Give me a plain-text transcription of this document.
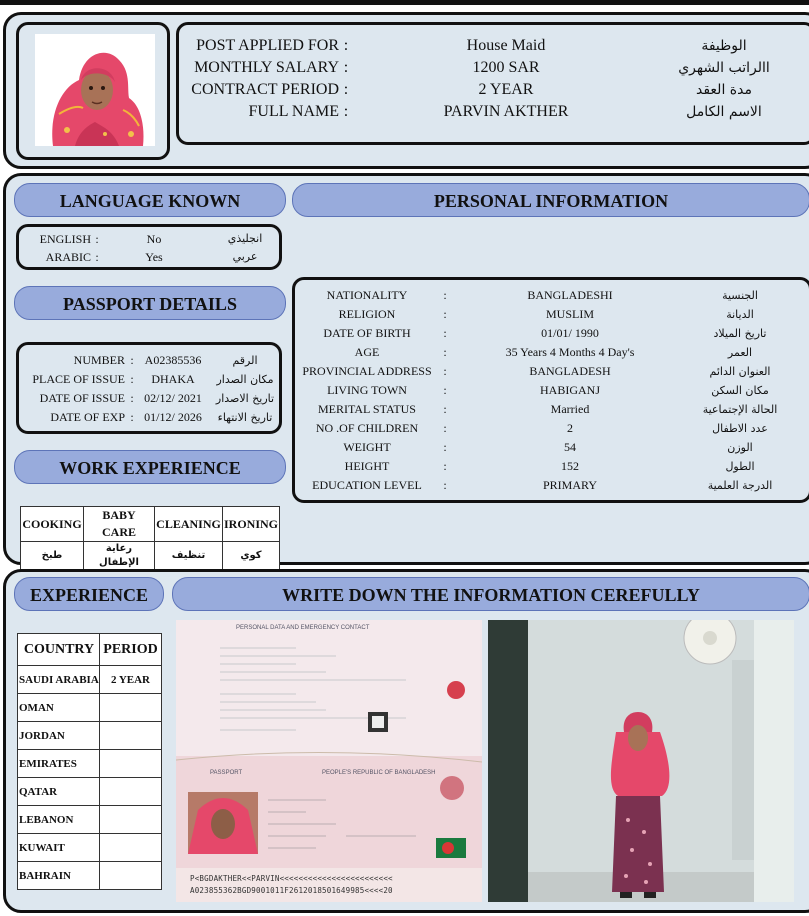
POST APPLIED FOR :	House Maid	الوظيفة
MONTHLY SALARY :	1200 SAR	االراتب الشهري
CONTRACT PERIOD :	2 YEAR	مدة العقد
FULL NAME :	PARVIN AKTHER	الاسم الكامل
LANGUAGE KNOWN	PERSONAL INFORMATION
ENGLISH :	No	انجليذي
ARABIC :	Yes	عربي
PASSPORT DETAILS
NUMBER : A02385536	الرقم
PLACE OF ISSUE :	DHAKA	مكان الصدار
DATE OF ISSUE : 02/12/ 2021	تاريخ الاصدار
DATE OF EXP : 01/12/ 2026	تاريخ الانتهاء
WORK EXPERIENCE
COOKING	BABY CARE	CLEANING	IRONING
طبخ	رعاية الإطفال	تنظيف	كوي

NATIONALITY	:	BANGLADESHI	الجنسية
RELIGION	:	MUSLIM	الديانة
DATE OF BIRTH	:	01/01/ 1990	تاريخ الميلاد
AGE	:	35 Years 4 Months 4 Day's	العمر
PROVINCIAL ADDRESS :	BANGLADESH	العنوان الدائم
LIVING TOWN	:	HABIGANJ	مكان السكن
MERITAL STATUS	:	Married	الحالة الإجتماعية
NO .OF CHILDREN	:	2	عدد الاطفال
WEIGHT	:	54	الوزن
HEIGHT	:	152	الطول
EDUCATION LEVEL	:	PRIMARY	الدرجة العلمية
EXPERIENCE	WRITE DOWN THE INFORMATION CEREFULLY
COUNTRY	PERIOD
SAUDI ARABIA	2 YEAR
OMAN	
JORDAN	
EMIRATES	
QATAR	
LEBANON	
KUWAIT	
BAHRAIN	
PERSONAL DATA AND EMERGENCY CONTACT
PEOPLE'S REPUBLIC OF BANGLADESH
PASSPORT
P<BGDAKTHER<<PARVIN<<<<<<<<<<<<<<<<<<<<<<<<
A023855362BGD9001011F2612018501649985<<<<20
